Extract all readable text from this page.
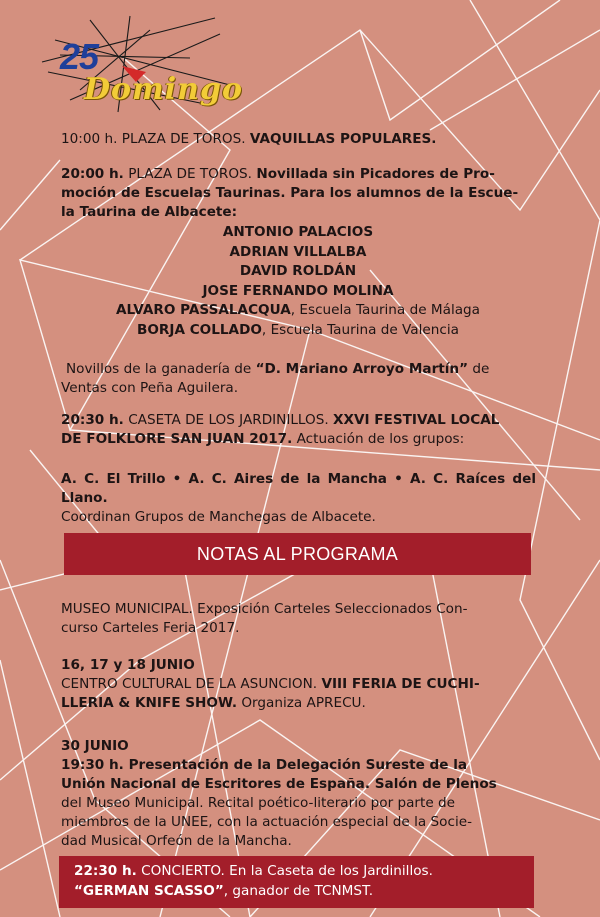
25
Domingo
10:00 h. PLAZA DE TOROS. VAQUILLAS POPULARES.
20:00 h. PLAZA DE TOROS. Novillada sin Picadores de Pro-
moción de Escuelas Taurinas. Para los alumnos de la Escue-
la Taurina de Albacete:
ANTONIO PALACIOS
ADRIAN VILLALBA
DAVID ROLDÁN
JOSE FERNANDO MOLINA
ALVARO PASSALACQUA, Escuela Taurina de Málaga
BORJA COLLADO, Escuela Taurina de Valencia
Novillos de la ganadería de “D. Mariano Arroyo Martín” de
Ventas con Peña Aguilera.
20:30 h. CASETA DE LOS JARDINILLOS. XXVI FESTIVAL LOCAL
DE FOLKLORE SAN JUAN 2017. Actuación de los grupos:
A. C. El Trillo • A. C. Aires de la Mancha • A. C. Raíces del Llano.
Coordinan Grupos de Manchegas de Albacete.
NOTAS AL PROGRAMA
MUSEO MUNICIPAL. Exposición Carteles Seleccionados Con-
curso Carteles Feria 2017.
16, 17 y 18 JUNIO
CENTRO CULTURAL DE LA ASUNCION. VIII FERIA DE CUCHI-
LLERIA & KNIFE SHOW. Organiza APRECU.
30 JUNIO
19:30 h. Presentación de la Delegación Sureste de la
Unión Nacional de Escritores de España. Salón de Plenos
del Museo Municipal. Recital poético-literario por parte de
miembros de la UNEE, con la actuación especial de la Socie-
dad Musical Orfeón de la Mancha.
22:30 h. CONCIERTO. En la Caseta de los Jardinillos.
“GERMAN SCASSO”, ganador de TCNMST.
